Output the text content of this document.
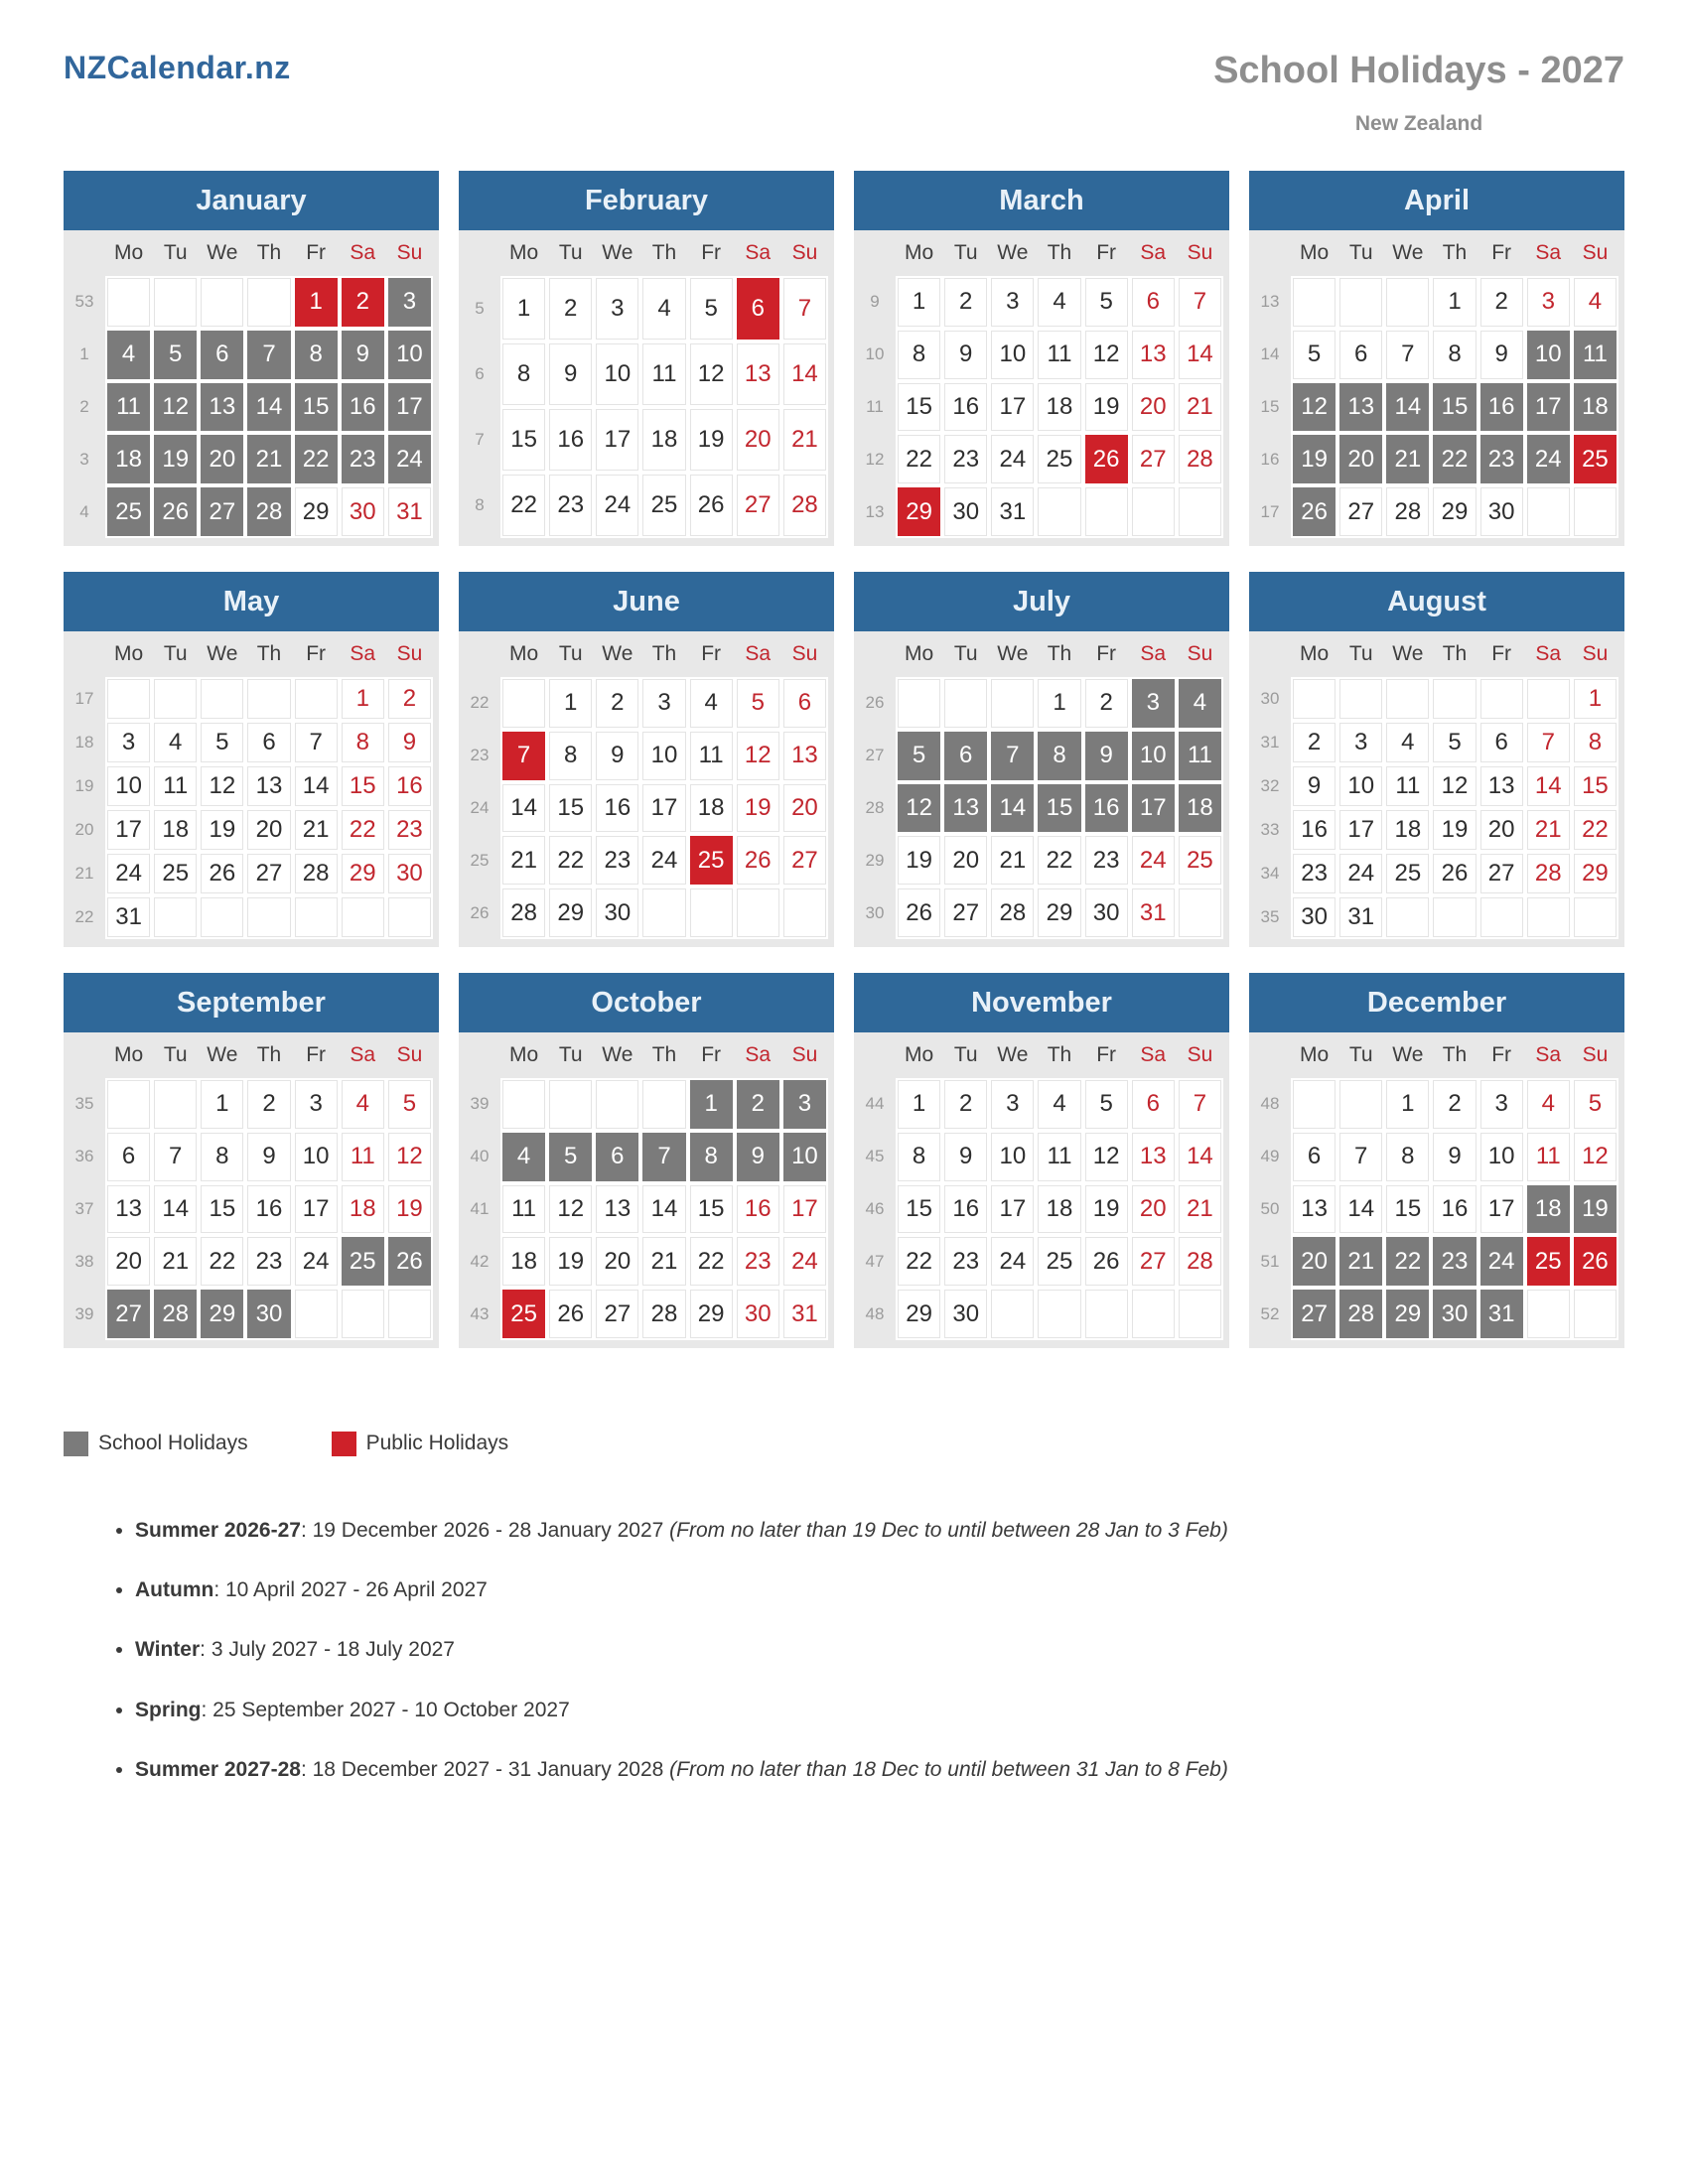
NZCalendar.nz	School Holidays - 2027
New Zealand
January
	Mo	Tu	We	Th	Fr	Sa	Su
53					1	2	3
1	4	5	6	7	8	9	10
2	11	12	13	14	15	16	17
3	18	19	20	21	22	23	24
4	25	26	27	28	29	30	31
February
	Mo	Tu	We	Th	Fr	Sa	Su
5	1	2	3	4	5	6	7
6	8	9	10	11	12	13	14
7	15	16	17	18	19	20	21
8	22	23	24	25	26	27	28
March
	Mo	Tu	We	Th	Fr	Sa	Su
9	1	2	3	4	5	6	7
10	8	9	10	11	12	13	14
11	15	16	17	18	19	20	21
12	22	23	24	25	26	27	28
13	29	30	31				
April
	Mo	Tu	We	Th	Fr	Sa	Su
13				1	2	3	4
14	5	6	7	8	9	10	11
15	12	13	14	15	16	17	18
16	19	20	21	22	23	24	25
17	26	27	28	29	30		
May
	Mo	Tu	We	Th	Fr	Sa	Su
17						1	2
18	3	4	5	6	7	8	9
19	10	11	12	13	14	15	16
20	17	18	19	20	21	22	23
21	24	25	26	27	28	29	30
22	31						
June
	Mo	Tu	We	Th	Fr	Sa	Su
22		1	2	3	4	5	6
23	7	8	9	10	11	12	13
24	14	15	16	17	18	19	20
25	21	22	23	24	25	26	27
26	28	29	30				
July
	Mo	Tu	We	Th	Fr	Sa	Su
26				1	2	3	4
27	5	6	7	8	9	10	11
28	12	13	14	15	16	17	18
29	19	20	21	22	23	24	25
30	26	27	28	29	30	31	
August
	Mo	Tu	We	Th	Fr	Sa	Su
30							1
31	2	3	4	5	6	7	8
32	9	10	11	12	13	14	15
33	16	17	18	19	20	21	22
34	23	24	25	26	27	28	29
35	30	31					
September
	Mo	Tu	We	Th	Fr	Sa	Su
35			1	2	3	4	5
36	6	7	8	9	10	11	12
37	13	14	15	16	17	18	19
38	20	21	22	23	24	25	26
39	27	28	29	30			
October
	Mo	Tu	We	Th	Fr	Sa	Su
39					1	2	3
40	4	5	6	7	8	9	10
41	11	12	13	14	15	16	17
42	18	19	20	21	22	23	24
43	25	26	27	28	29	30	31
November
	Mo	Tu	We	Th	Fr	Sa	Su
44	1	2	3	4	5	6	7
45	8	9	10	11	12	13	14
46	15	16	17	18	19	20	21
47	22	23	24	25	26	27	28
48	29	30					
December
	Mo	Tu	We	Th	Fr	Sa	Su
48			1	2	3	4	5
49	6	7	8	9	10	11	12
50	13	14	15	16	17	18	19
51	20	21	22	23	24	25	26
52	27	28	29	30	31		
School Holidays	Public Holidays
• Summer 2026-27: 19 December 2026 - 28 January 2027 (From no later than 19 Dec to until between 28 Jan to 3 Feb)
• Autumn: 10 April 2027 - 26 April 2027
• Winter: 3 July 2027 - 18 July 2027
• Spring: 25 September 2027 - 10 October 2027
• Summer 2027-28: 18 December 2027 - 31 January 2028 (From no later than 18 Dec to until between 31 Jan to 8 Feb)
